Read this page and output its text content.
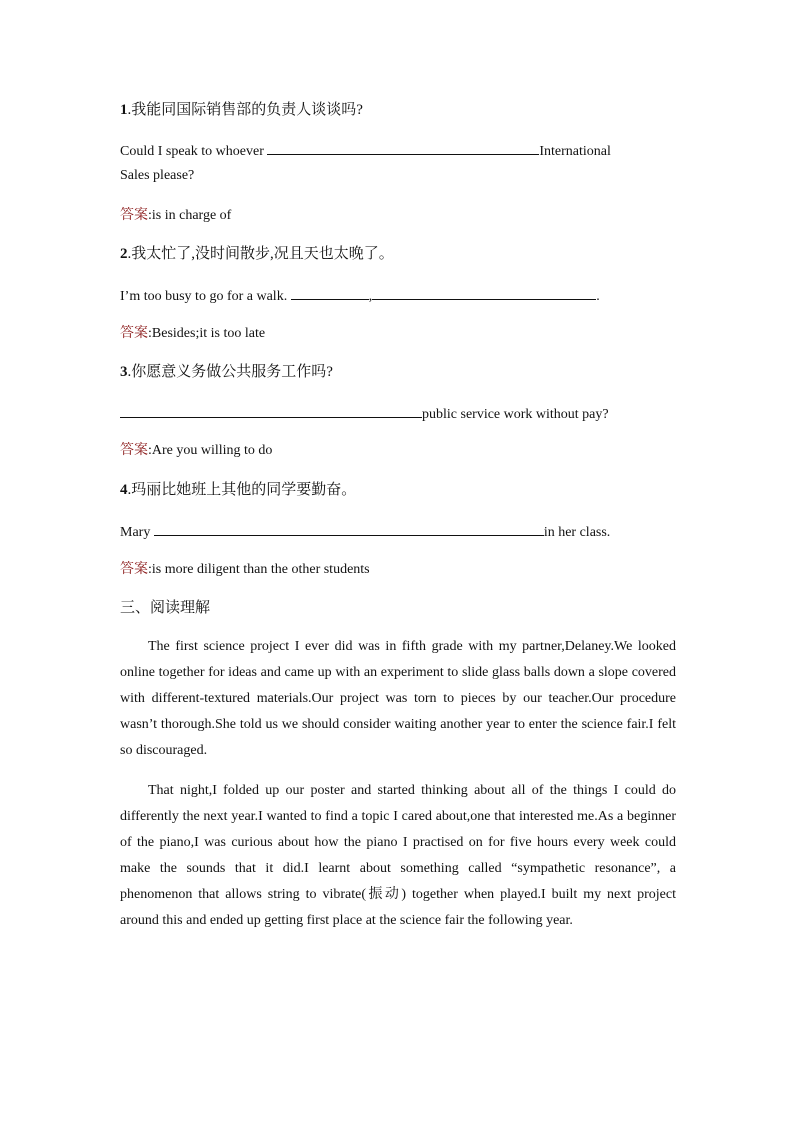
1.我能同国际销售部的负责人谈谈吗?
Could I speak to whoever	International
Sales please?
答案:is in charge of
2.我太忙了,没时间散步,况且天也太晚了。
I’m too busy to go for a walk.	,	.
答案:Besides;it is too late
3.你愿意义务做公共服务工作吗?
public service work without pay?
答案:Are you willing to do
4.玛丽比她班上其他的同学要勤奋。
Mary	in her class.
答案:is more diligent than the other students
三、阅读理解
The first science project I ever did was in fifth grade with my partner,Delaney.We looked online together for ideas and came up with an experiment to slide glass balls down a slope covered with different-textured materials.Our project was torn to pieces by our teacher.Our procedure wasn’t thorough.She told us we should consider waiting another year to enter the science fair.I felt so discouraged.
That night,I folded up our poster and started thinking about all of the things I could do differently the next year.I wanted to find a topic I cared about,one that interested me.As a beginner of the piano,I was curious about how the piano I practised on for five hours every week could make the sounds that it did.I learnt about something called “sympathetic resonance”, a phenomenon that allows string to vibrate(振动) together when played.I built my next project around this and ended up getting first place at the science fair the following year.
